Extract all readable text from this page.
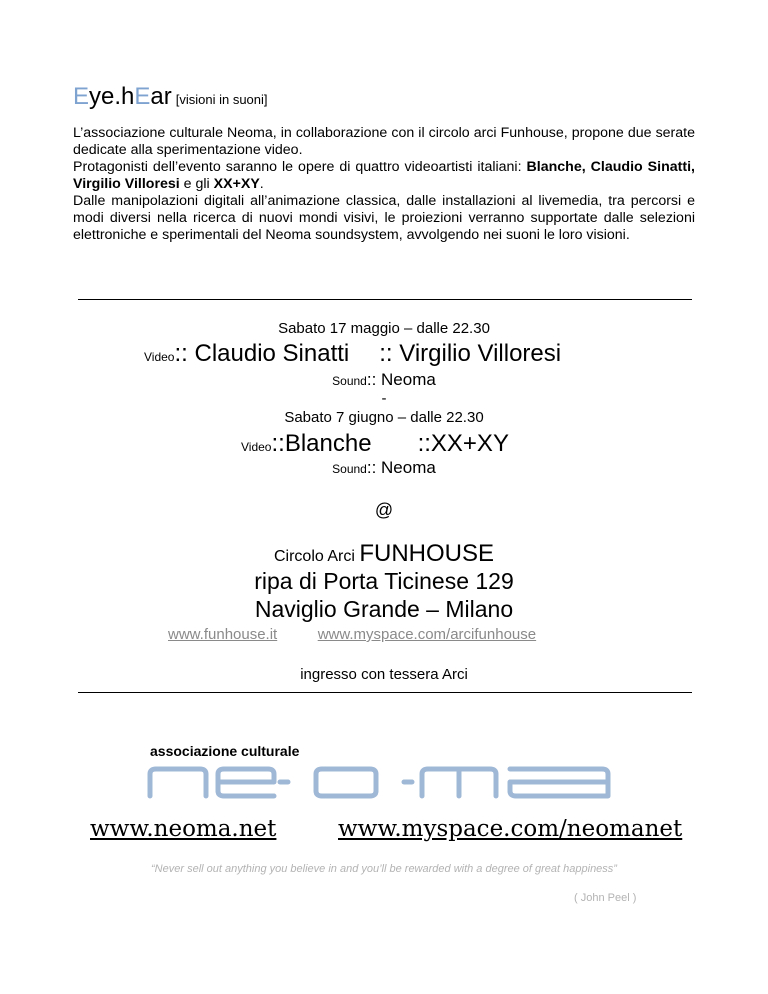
Eye.hEar [visioni in suoni]

L’associazione culturale Neoma, in collaborazione con il circolo arci Funhouse, propone due serate dedicate alla sperimentazione video.

Protagonisti dell’evento saranno le opere di quattro videoartisti italiani: Blanche, Claudio Sinatti, Virgilio Villoresi e gli XX+XY.

Dalle manipolazioni digitali all’animazione classica, dalle installazioni al livemedia, tra percorsi e modi diversi nella ricerca di nuovi mondi visivi, le proiezioni verranno supportate dalle selezioni elettroniche e sperimentali del Neoma soundsystem, avvolgendo nei suoni le loro visioni.

Sabato 17 maggio – dalle 22.30
Video:: Claudio Sinatti :: Virgilio Villoresi
Sound:: Neoma
-
Sabato 7 giugno – dalle 22.30
Video::Blanche ::XX+XY
Sound:: Neoma
@
Circolo Arci FUNHOUSE
ripa di Porta Ticinese 129
Naviglio Grande – Milano
www.funhouse.it	www.myspace.com/arcifunhouse
ingresso con tessera Arci
associazione culturale
www.neoma.net	www.myspace.com/neomanet
“Never sell out anything you believe in and you’ll be rewarded with a degree of great happiness”
( John Peel )
